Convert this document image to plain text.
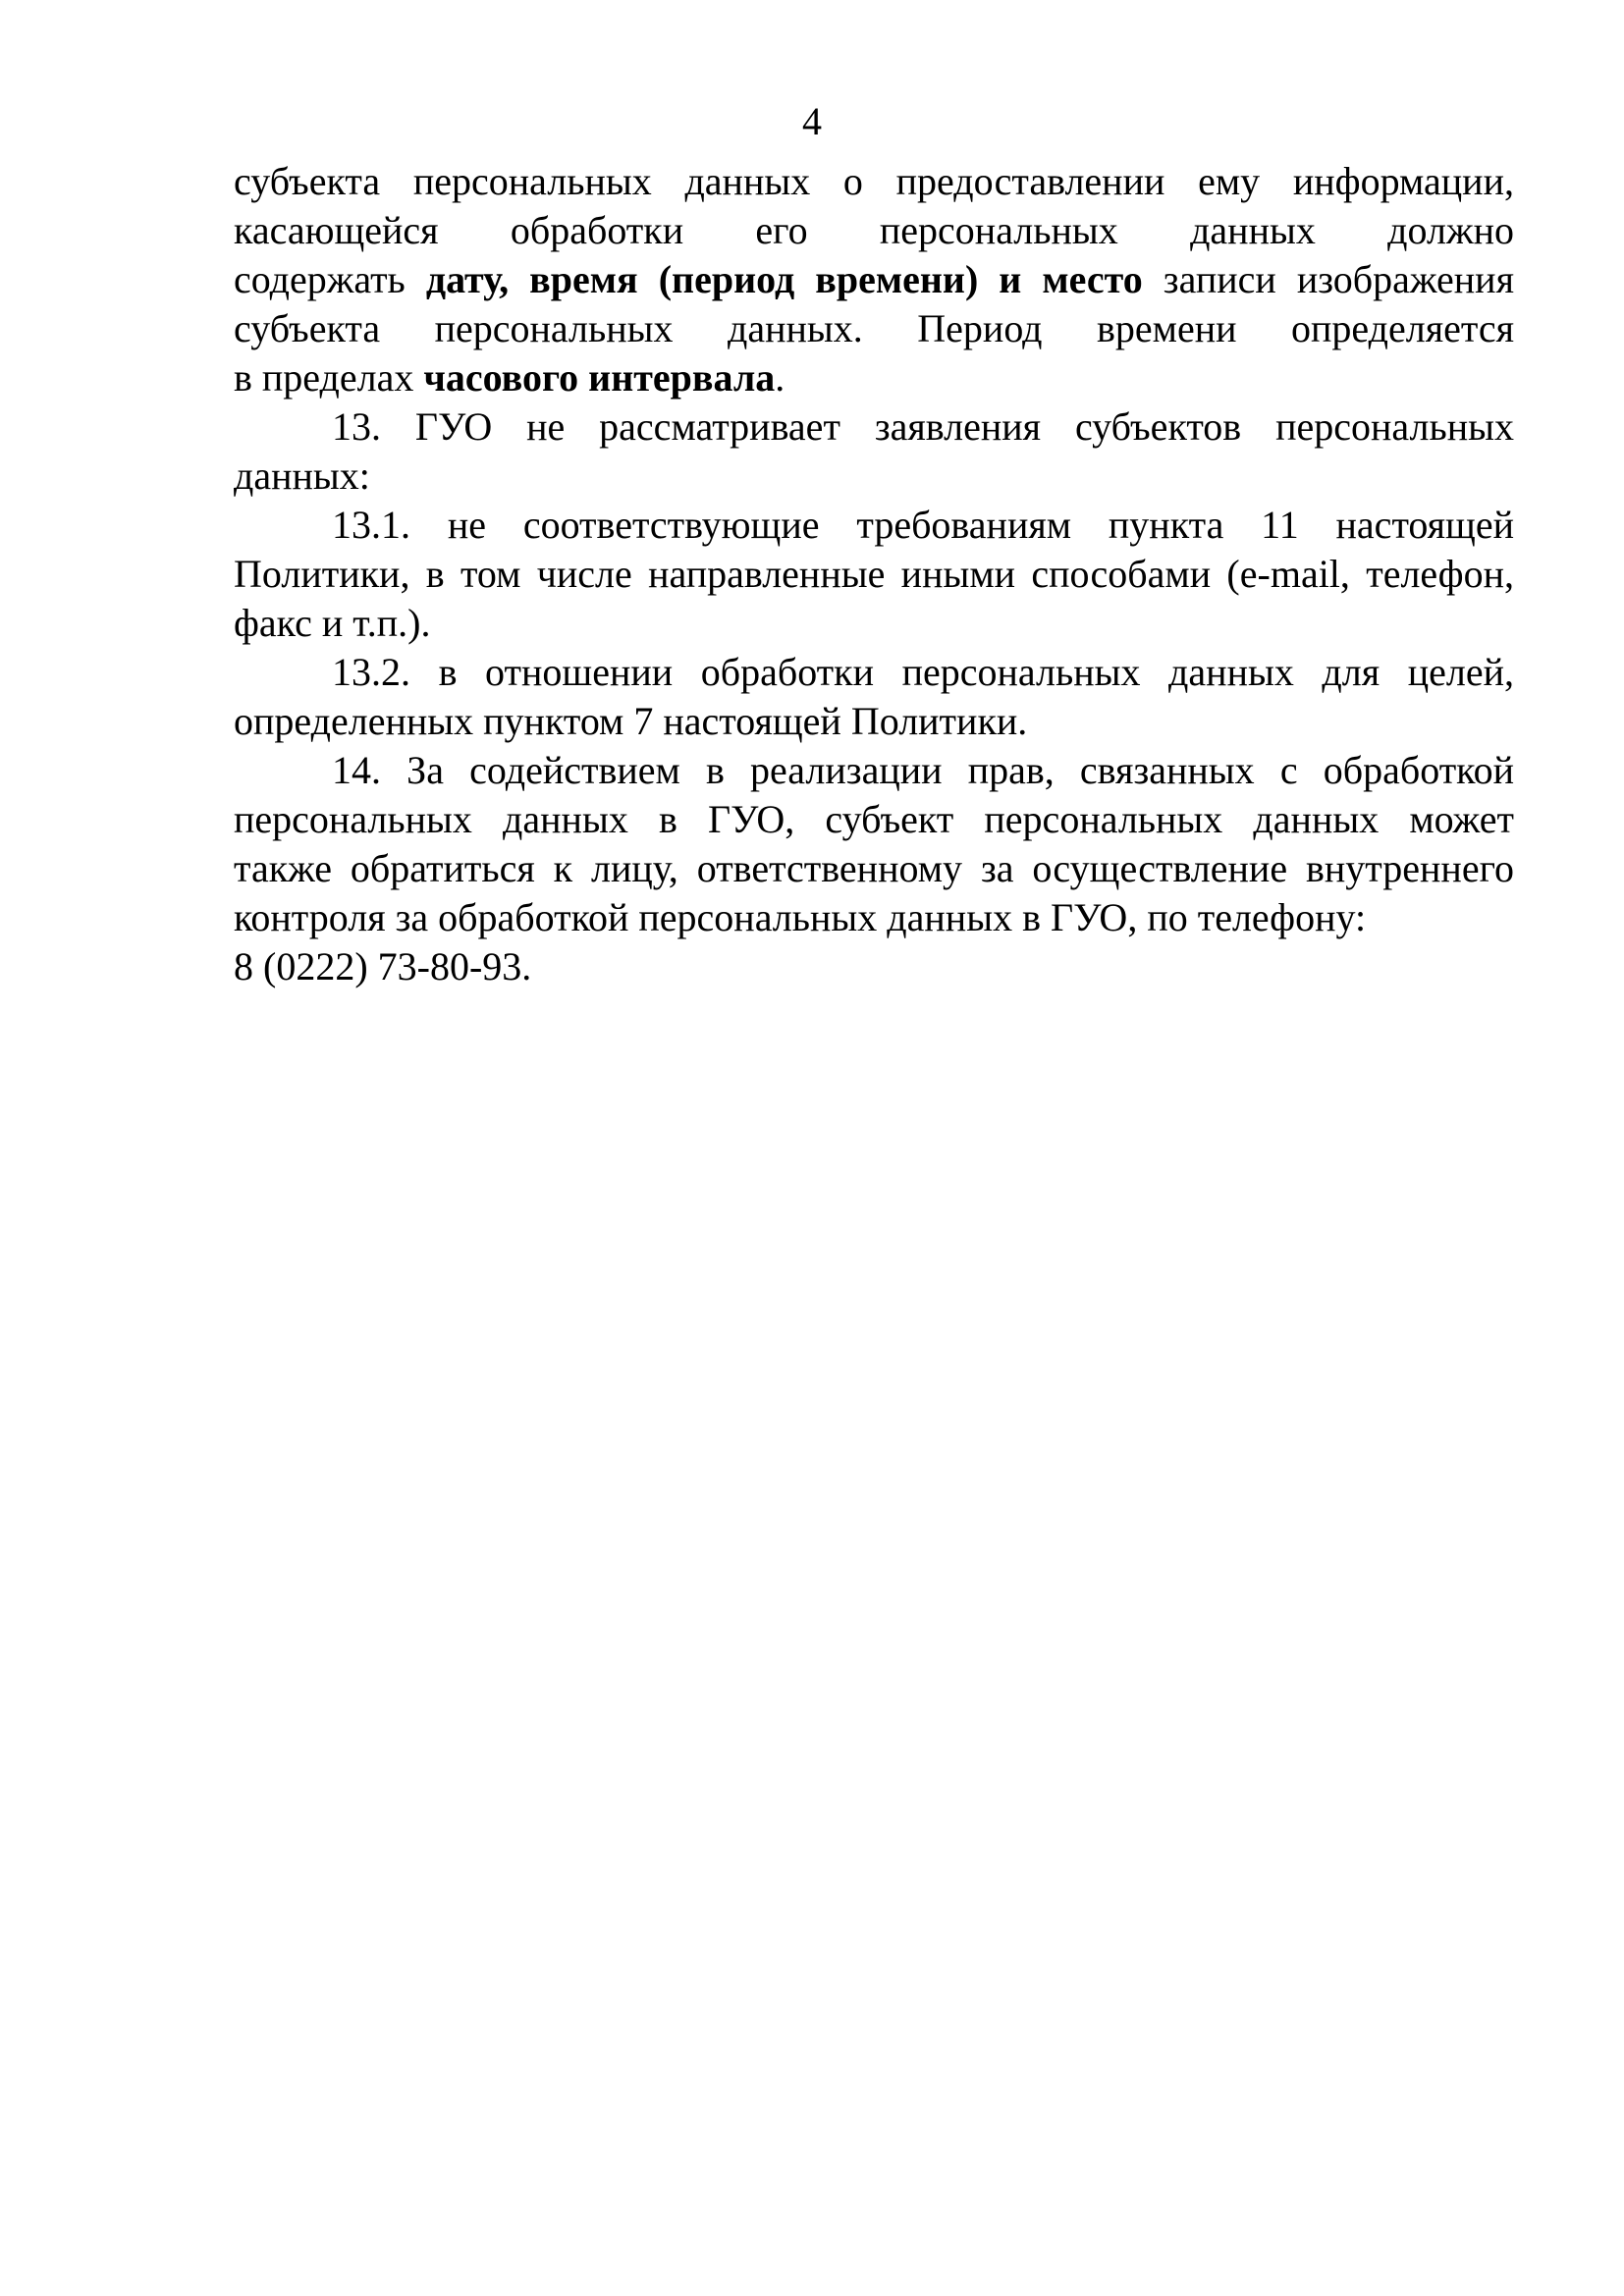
4

субъекта персональных данных о предоставлении ему информации,
касающейся обработки его персональных данных должно
содержать дату, время (период времени) и место записи изображения
субъекта персональных данных. Период времени определяется
в пределах часового интервала.

13. ГУО не рассматривает заявления субъектов персональных
данных:

13.1. не соответствующие требованиям пункта 11 настоящей
Политики, в том числе направленные иными способами (e-mail, телефон,
факс и т.п.).

13.2. в отношении обработки персональных данных для целей,
определенных пунктом 7 настоящей Политики.

14. За содействием в реализации прав, связанных с обработкой
персональных данных в ГУО, субъект персональных данных может
также обратиться к лицу, ответственному за осуществление внутреннего
контроля за обработкой персональных данных в ГУО, по телефону:
8 (0222) 73-80-93.
